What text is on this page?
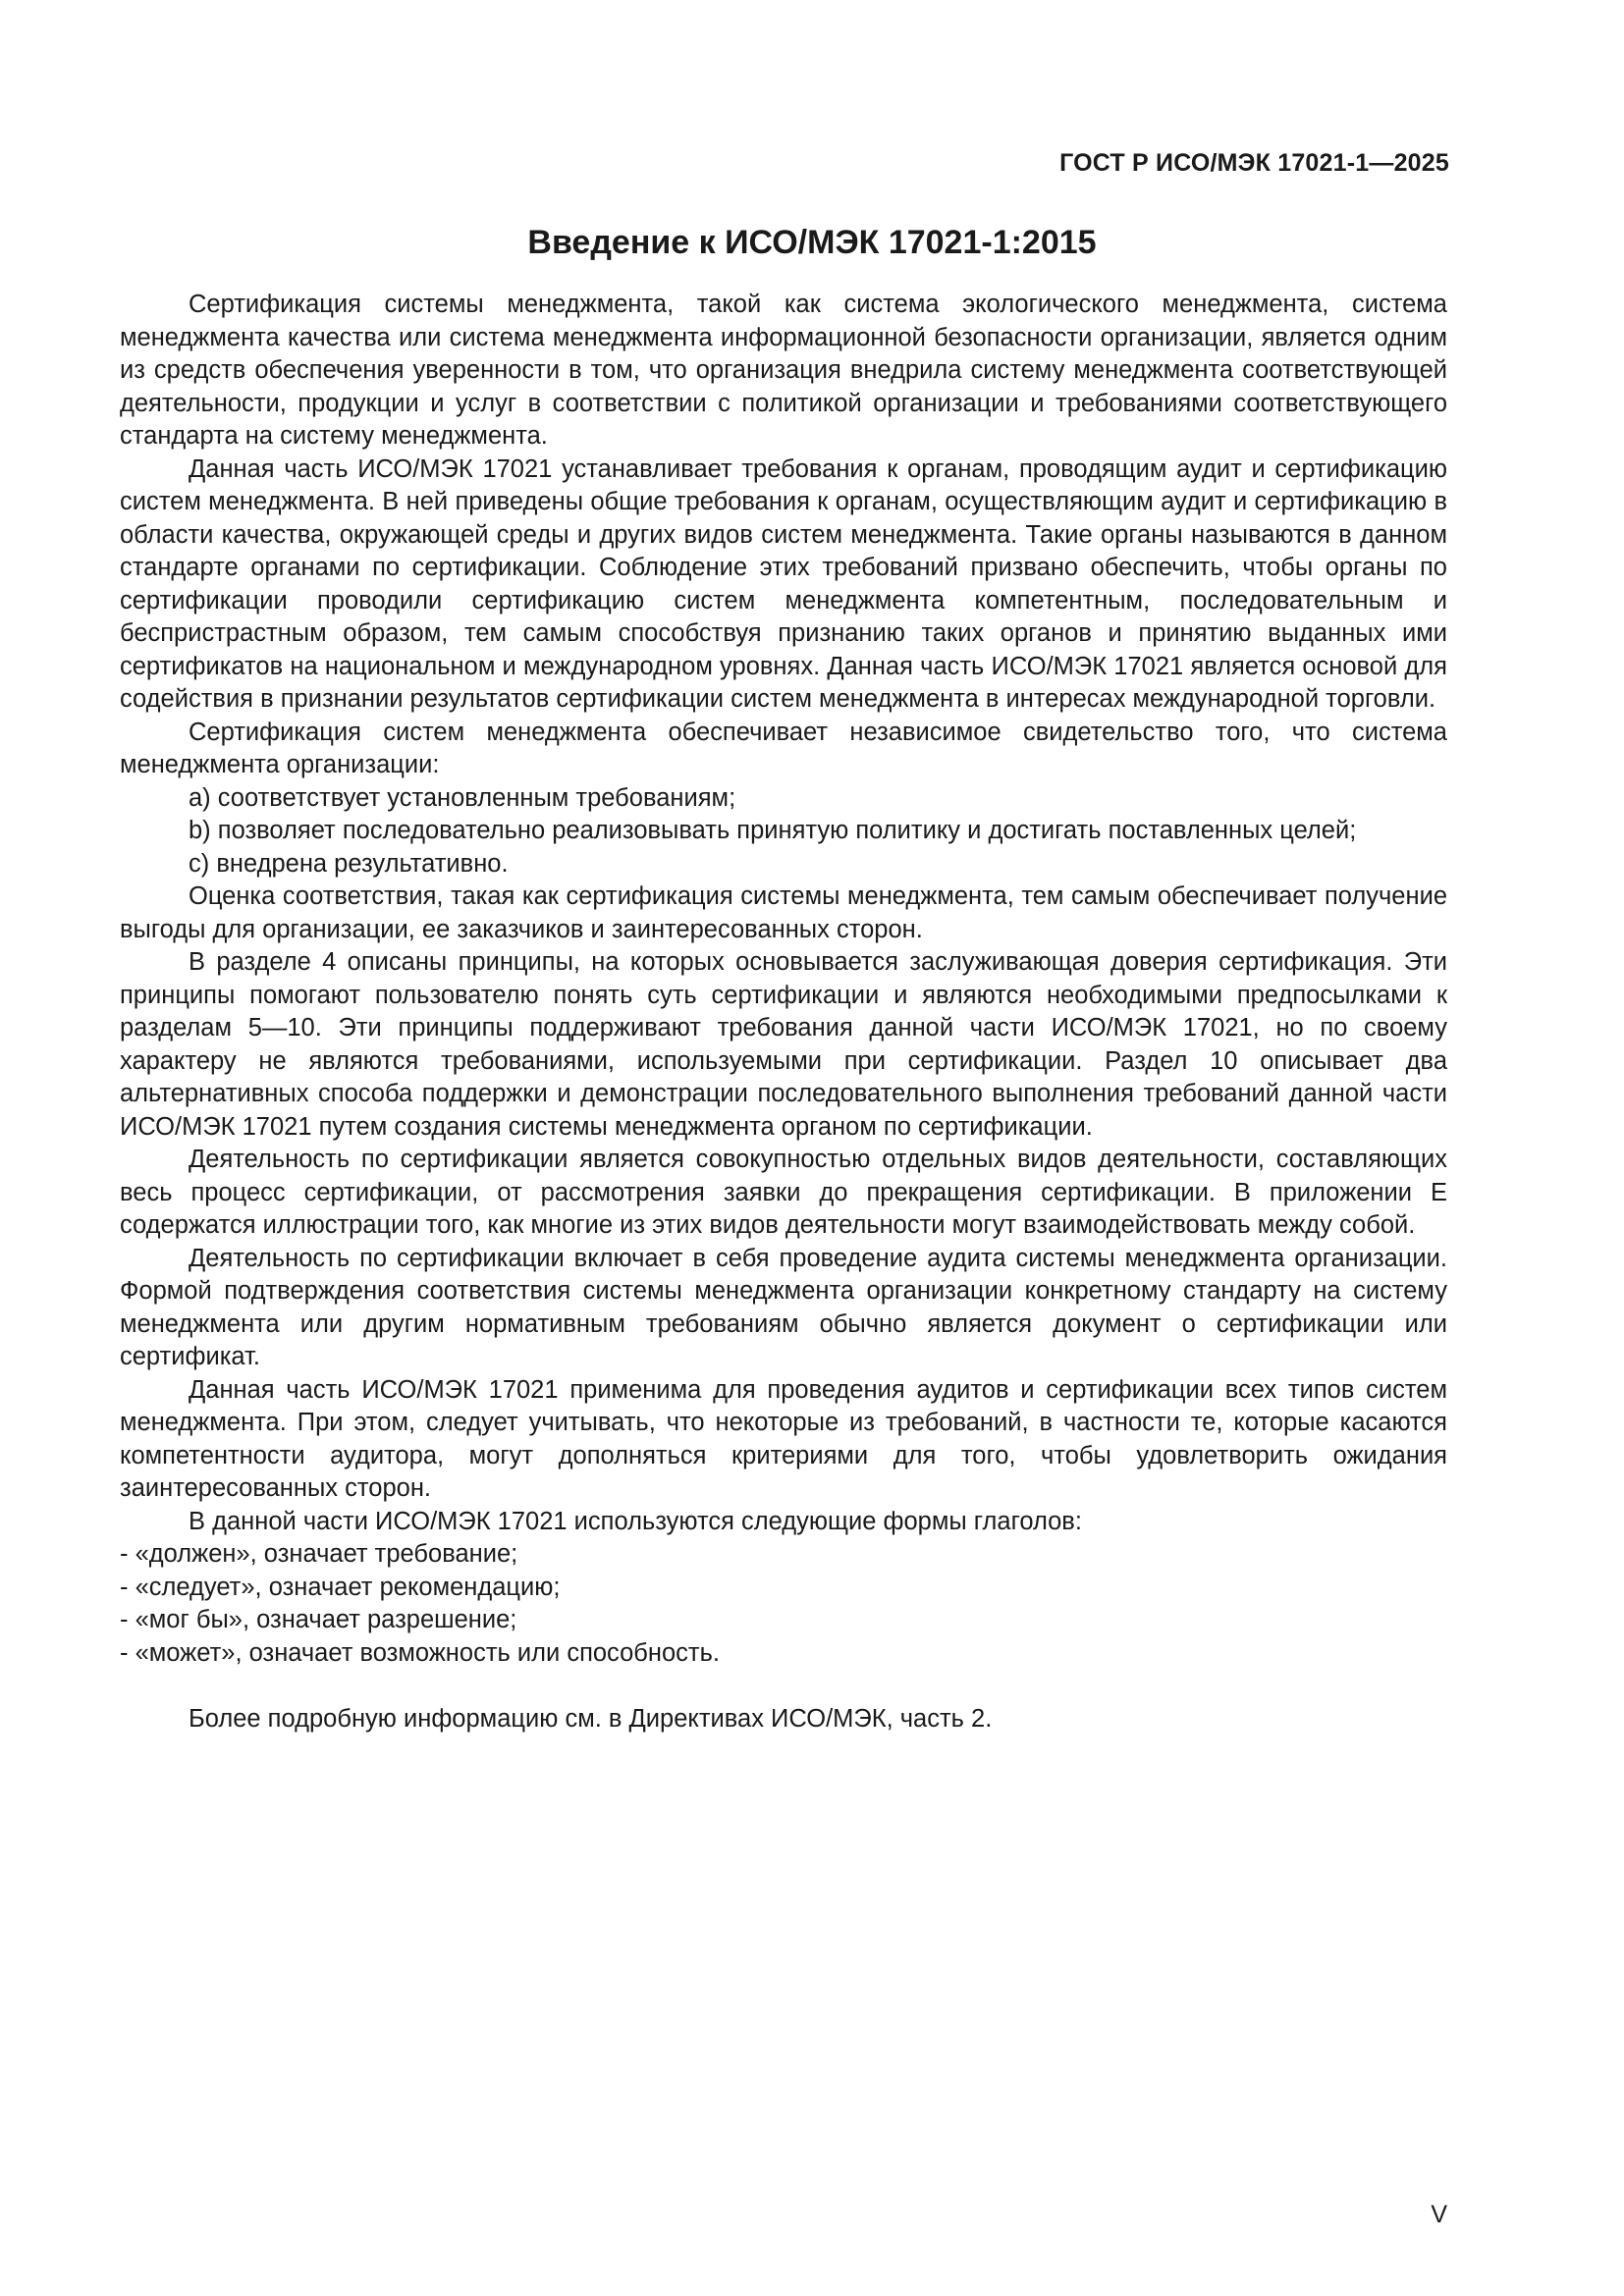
ГОСТ Р ИСО/МЭК 17021-1—2025
Введение к ИСО/МЭК 17021-1:2015

Сертификация системы менеджмента, такой как система экологического менеджмента, система менеджмента качества или система менеджмента информационной безопасности организации, является одним из средств обеспечения уверенности в том, что организация внедрила систему менеджмента соответствующей деятельности, продукции и услуг в соответствии с политикой организации и требованиями соответствующего стандарта на систему менеджмента.

Данная часть ИСО/МЭК 17021 устанавливает требования к органам, проводящим аудит и сертификацию систем менеджмента. В ней приведены общие требования к органам, осуществляющим аудит и сертификацию в области качества, окружающей среды и других видов систем менеджмента. Такие органы называются в данном стандарте органами по сертификации. Соблюдение этих требований призвано обеспечить, чтобы органы по сертификации проводили сертификацию систем менеджмента компетентным, последовательным и беспристрастным образом, тем самым способствуя признанию таких органов и принятию выданных ими сертификатов на национальном и международном уровнях. Данная часть ИСО/МЭК 17021 является основой для содействия в признании результатов сертификации систем менеджмента в интересах международной торговли.

Сертификация систем менеджмента обеспечивает независимое свидетельство того, что система менеджмента организации:

a) соответствует установленным требованиям;

b) позволяет последовательно реализовывать принятую политику и достигать поставленных целей;

c) внедрена результативно.

Оценка соответствия, такая как сертификация системы менеджмента, тем самым обеспечивает получение выгоды для организации, ее заказчиков и заинтересованных сторон.

В разделе 4 описаны принципы, на которых основывается заслуживающая доверия сертификация. Эти принципы помогают пользователю понять суть сертификации и являются необходимыми предпосылками к разделам 5—10. Эти принципы поддерживают требования данной части ИСО/МЭК 17021, но по своему характеру не являются требованиями, используемыми при сертификации. Раздел 10 описывает два альтернативных способа поддержки и демонстрации последовательного выполнения требований данной части ИСО/МЭК 17021 путем создания системы менеджмента органом по сертификации.

Деятельность по сертификации является совокупностью отдельных видов деятельности, составляющих весь процесс сертификации, от рассмотрения заявки до прекращения сертификации. В приложении Е содержатся иллюстрации того, как многие из этих видов деятельности могут взаимодействовать между собой.

Деятельность по сертификации включает в себя проведение аудита системы менеджмента организации. Формой подтверждения соответствия системы менеджмента организации конкретному стандарту на систему менеджмента или другим нормативным требованиям обычно является документ о сертификации или сертификат.

Данная часть ИСО/МЭК 17021 применима для проведения аудитов и сертификации всех типов систем менеджмента. При этом, следует учитывать, что некоторые из требований, в частности те, которые касаются компетентности аудитора, могут дополняться критериями для того, чтобы удовлетворить ожидания заинтересованных сторон.

В данной части ИСО/МЭК 17021 используются следующие формы глаголов:

- «должен», означает требование;

- «следует», означает рекомендацию;

- «мог бы», означает разрешение;

- «может», означает возможность или способность.

Более подробную информацию см. в Директивах ИСО/МЭК, часть 2.

V
